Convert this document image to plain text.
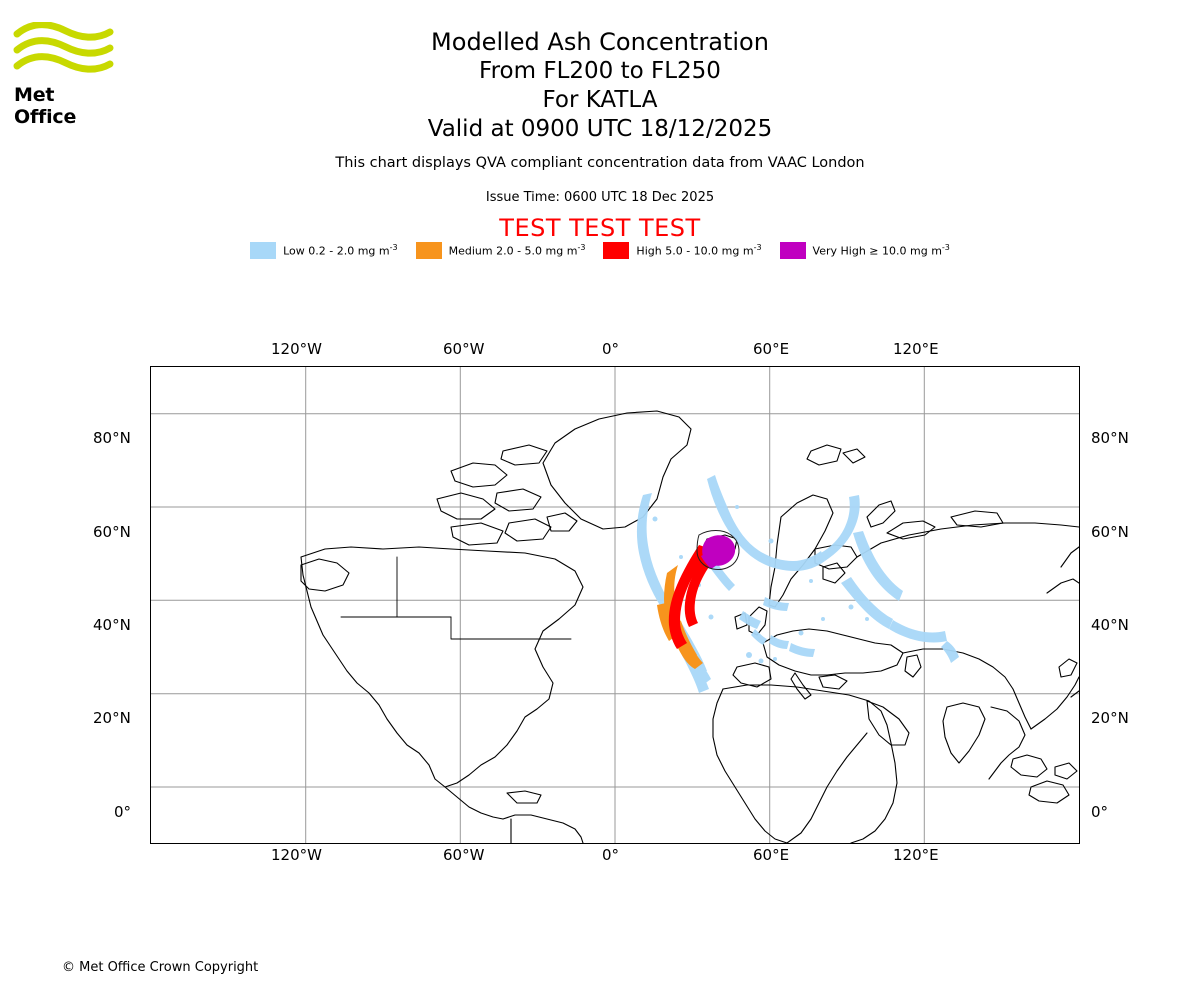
Met Office
Modelled Ash Concentration
From FL200 to FL250
For KATLA
Valid at 0900 UTC 18/12/2025
This chart displays QVA compliant concentration data from VAAC London
Issue Time: 0600 UTC 18 Dec 2025
TEST TEST TEST
Low 0.2 - 2.0 mg $m^{-3}$	Medium 2.0 - 5.0 mg $m^{-3}$	High 5.0 - 10.0 mg $m^{-3}$	Very High ≥ 10.0 mg $m^{-3}$
120°W	60°W	0°	60°E	120°E
80°N
60°N
40°N
20°N
0°
80°N
60°N
40°N
20°N
0°
120°W	60°W	0°	60°E	120°E
© Met Office Crown Copyright
